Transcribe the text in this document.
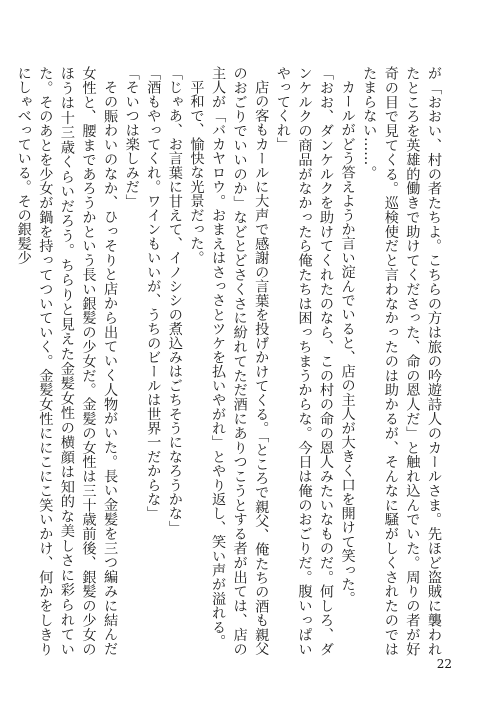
が「おおい、村の者たちよ。こちらの方は旅の吟遊詩人のカールさま。先ほど盗賊に襲われたところを英雄的働きで助けてくださった、命の恩人だ」と触れ込んでいた。周りの者が好奇の目で見てくる。巡検使だと言わなかったのは助かるが、そんなに騒がしくされたのではたまらない……。

カールがどう答えようか言い淀んでいると、店の主人が大きく口を開けて笑った。

「おお、ダンケルクを助けてくれたのなら、この村の命の恩人みたいなものだ。何しろ、ダンケルクの商品がなかったら俺たちは困っちまうからな。今日は俺のおごりだ。腹いっぱいやってくれ」

店の客もカールに大声で感謝の言葉を投げかけてくる。「ところで親父、俺たちの酒も親父のおごりでいいのか」などとどさくさに紛れてただ酒にありつこうとする者が出ては、店の主人が「バカヤロウ。おまえはさっさとツケを払いやがれ」とやり返し、笑い声が溢れる。

平和で、愉快な光景だった。

「じゃあ、お言葉に甘えて、イノシシの煮込みはごちそうになろうかな」

「酒もやってくれ。ワインもいいが、うちのビールは世界一だからな」

「そいつは楽しみだ」

その賑わいのなか、ひっそりと店から出ていく人物がいた。長い金髪を三つ編みに結んだ女性と、腰まであろうかという長い銀髪の少女だ。金髪の女性は三十歳前後、銀髪の少女のほうは十三歳くらいだろう。ちらりと見えた金髪女性の横顔は知的な美しさに彩られていた。そのあとを少女が鍋を持ってついていく。金髪女性ににこにこ笑いかけ、何かをしきりにしゃべっている。その銀髪少

22
